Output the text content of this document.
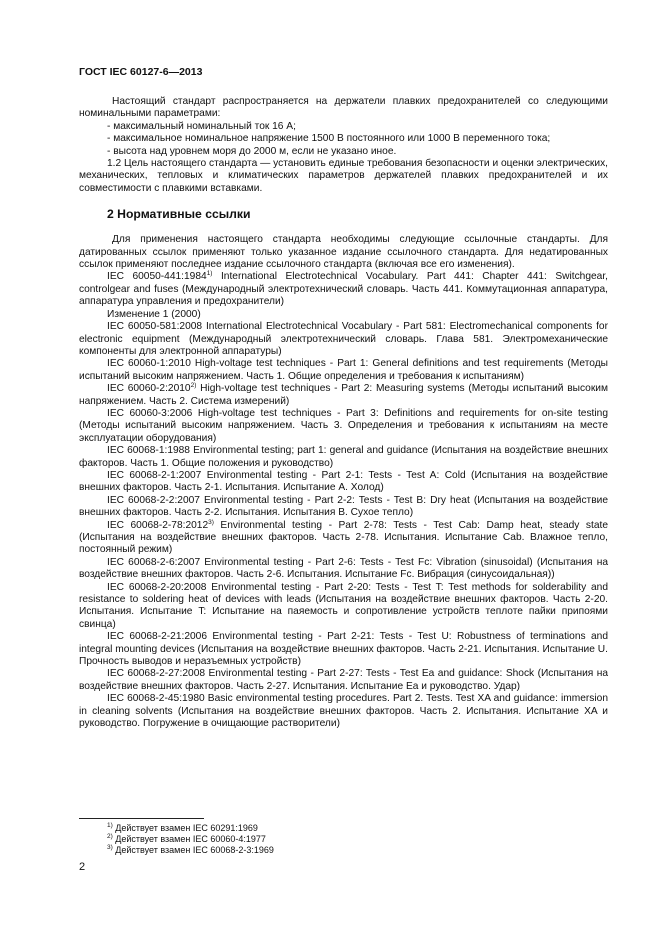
ГОСТ IEC 60127-6—2013

Настоящий стандарт распространяется на держатели плавких предохранителей со следующими номинальными параметрами:

- максимальный номинальный ток 16 А;

- максимальное номинальное напряжение 1500 В постоянного или 1000 В переменного тока;

- высота над уровнем моря до 2000 м, если не указано иное.

1.2 Цель настоящего стандарта — установить единые требования безопасности и оценки электрических, механических, тепловых и климатических параметров держателей плавких предохранителей и их совместимости с плавкими вставками.

2 Нормативные ссылки

Для применения настоящего стандарта необходимы следующие ссылочные стандарты. Для датированных ссылок применяют только указанное издание ссылочного стандарта. Для недатированных ссылок применяют последнее издание ссылочного стандарта (включая все его изменения).

IEC 60050-441:1984$^{1)}$ International Electrotechnical Vocabulary. Part 441: Chapter 441: Switchgear, controlgear and fuses (Международный электротехнический словарь. Часть 441. Коммутационная аппаратура, аппаратура управления и предохранители)

Изменение 1 (2000)

IEC 60050-581:2008 International Electrotechnical Vocabulary - Part 581: Electromechanical components for electronic equipment (Международный электротехнический словарь. Глава 581. Электромеханические компоненты для электронной аппаратуры)

IEC 60060-1:2010 High-voltage test techniques - Part 1: General definitions and test requirements (Методы испытаний высоким напряжением. Часть 1. Общие определения и требования к испытаниям)

IEC 60060-2:2010$^{2)}$ High-voltage test techniques - Part 2: Measuring systems (Методы испытаний высоким напряжением. Часть 2. Система измерений)

IEC 60060-3:2006 High-voltage test techniques - Part 3: Definitions and requirements for on-site testing (Методы испытаний высоким напряжением. Часть 3. Определения и требования к испытаниям на месте эксплуатации оборудования)

IEC 60068-1:1988 Environmental testing; part 1: general and guidance (Испытания на воздействие внешних факторов. Часть 1. Общие положения и руководство)

IEC 60068-2-1:2007 Environmental testing - Part 2-1: Tests - Test A: Cold (Испытания на воздействие внешних факторов. Часть 2-1. Испытания. Испытание А. Холод)

IEC 60068-2-2:2007 Environmental testing - Part 2-2: Tests - Test B: Dry heat (Испытания на воздействие внешних факторов. Часть 2-2. Испытания. Испытания В. Сухое тепло)

IEC 60068-2-78:2012$^{3)}$ Environmental testing - Part 2-78: Tests - Test Cab: Damp heat, steady state (Испытания на воздействие внешних факторов. Часть 2-78. Испытания. Испытание Cab. Влажное тепло, постоянный режим)

IEC 60068-2-6:2007 Environmental testing - Part 2-6: Tests - Test Fc: Vibration (sinusoidal) (Испытания на воздействие внешних факторов. Часть 2-6. Испытания. Испытание Fc. Вибрация (синусоидальная))

IEC 60068-2-20:2008 Environmental testing - Part 2-20: Tests - Test T: Test methods for solderability and resistance to soldering heat of devices with leads (Испытания на воздействие внешних факторов. Часть 2-20. Испытания. Испытание T: Испытание на паяемость и сопротивление устройств теплоте пайки припоями свинца)

IEC 60068-2-21:2006 Environmental testing - Part 2-21: Tests - Test U: Robustness of terminations and integral mounting devices (Испытания на воздействие внешних факторов. Часть 2-21. Испытания. Испытание U. Прочность выводов и неразъемных устройств)

IEC 60068-2-27:2008 Environmental testing - Part 2-27: Tests - Test Ea and guidance: Shock (Испытания на воздействие внешних факторов. Часть 2-27. Испытания. Испытание Ea и руководство. Удар)

IEC 60068-2-45:1980 Basic environmental testing procedures. Part 2. Tests. Test XA and guidance: immersion in cleaning solvents (Испытания на воздействие внешних факторов. Часть 2. Испытания. Испытание XA и руководство. Погружение в очищающие растворители)

$^{1)}$ Действует взамен IEC 60291:1969
$^{2)}$ Действует взамен IEC 60060-4:1977
$^{3)}$ Действует взамен IEC 60068-2-3:1969
2
